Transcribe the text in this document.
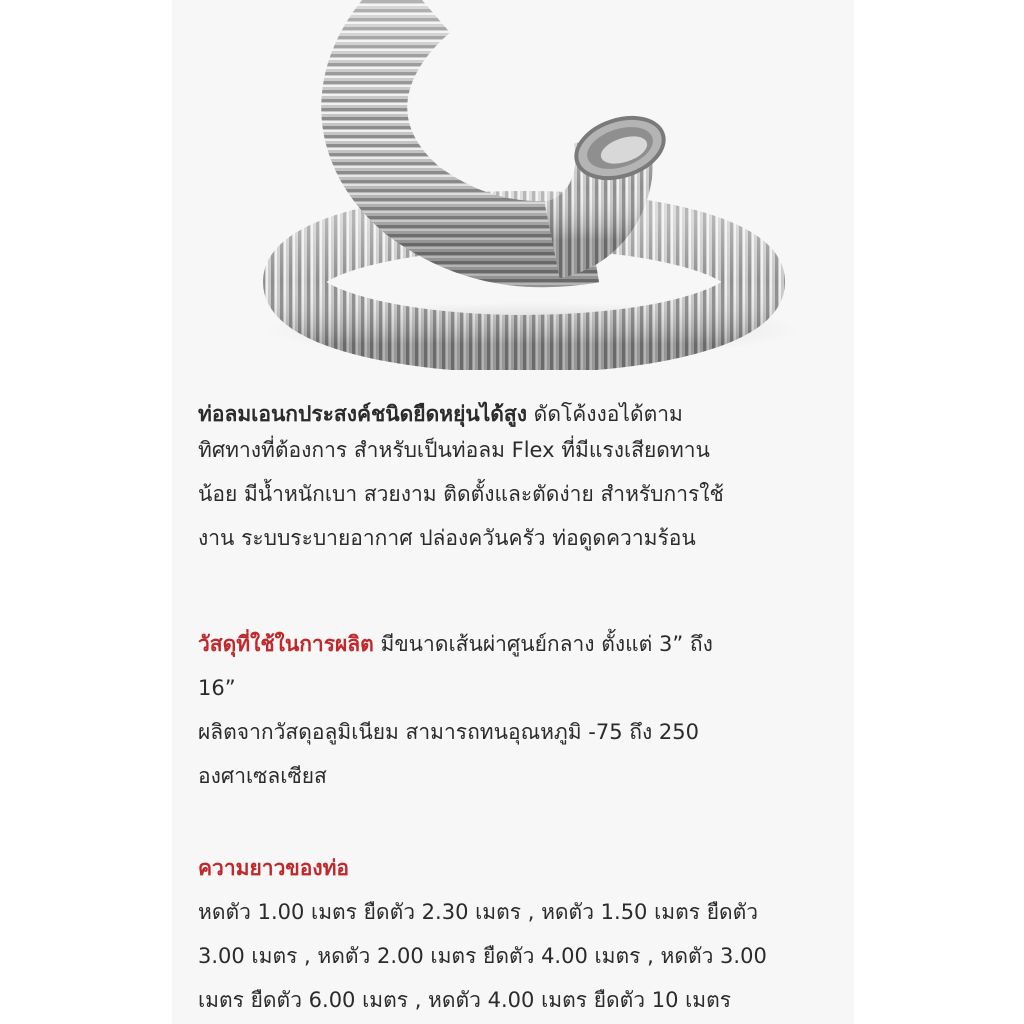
ท่อลมเอนกประสงค์ชนิดยืดหยุ่นได้สูง ดัดโค้งงอได้ตาม
ทิศทางที่ต้องการ สำหรับเป็นท่อลม Flex ที่มีแรงเสียดทาน
น้อย มีน้ำหนักเบา สวยงาม ติดตั้งและตัดง่าย สำหรับการใช้
งาน ระบบระบายอากาศ ปล่องควันครัว ท่อดูดความร้อน
วัสดุที่ใช้ในการผลิต มีขนาดเส้นผ่าศูนย์กลาง ตั้งแต่ 3” ถึง
16”
ผลิตจากวัสดุอลูมิเนียม สามารถทนอุณหภูมิ -75 ถึง 250
องศาเซลเซียส
ความยาวของท่อ
หดตัว 1.00 เมตร ยืดตัว 2.30 เมตร , หดตัว 1.50 เมตร ยืดตัว
3.00 เมตร , หดตัว 2.00 เมตร ยืดตัว 4.00 เมตร , หดตัว 3.00
เมตร ยืดตัว 6.00 เมตร , หดตัว 4.00 เมตร ยืดตัว 10 เมตร
